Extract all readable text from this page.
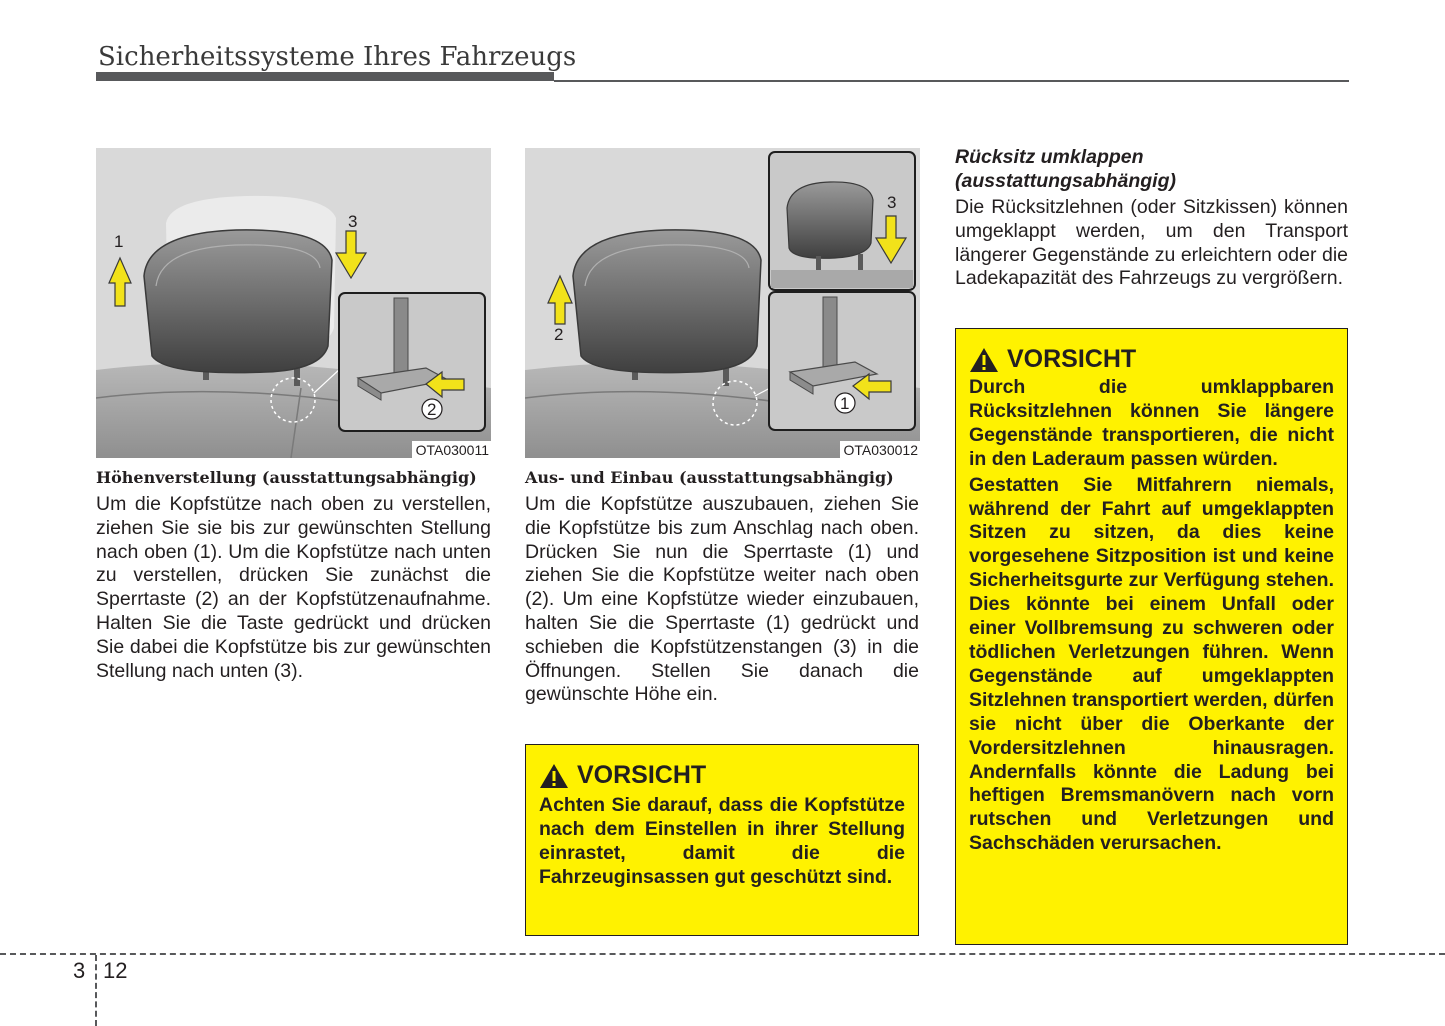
Sicherheitssysteme Ihres Fahrzeugs
1
3
2
OTA030011
2
3
1
OTA030012
Höhenverstellung (ausstattungsabhängig)
Um die Kopfstütze nach oben zu verstellen, ziehen Sie sie bis zur gewünschten Stellung nach oben (1). Um die Kopfstütze nach unten zu verstellen, drücken Sie zunächst die Sperrtaste (2) an der Kopfstützenaufnahme. Halten Sie die Taste gedrückt und drücken Sie dabei die Kopfstütze bis zur gewünschten Stellung nach unten (3).
Aus- und Einbau (ausstattungsabhängig)
Um die Kopfstütze auszubauen, ziehen Sie die Kopfstütze bis zum Anschlag nach oben. Drücken Sie nun die Sperrtaste (1) und ziehen Sie die Kopfstütze weiter nach oben (2). Um eine Kopfstütze wieder einzubauen, halten Sie die Sperrtaste (1) gedrückt und schieben die Kopfstützenstangen (3) in die Öffnungen. Stellen Sie danach die gewünschte Höhe ein.
VORSICHT

Achten Sie darauf, dass die Kopfstütze nach dem Einstellen in ihrer Stellung einrastet, damit die die Fahrzeuginsassen gut geschützt sind.

Rücksitz umklappen
(ausstattungsabhängig)
Die Rücksitzlehnen (oder Sitzkissen) können umgeklappt werden, um den Transport längerer Gegenstände zu erleichtern oder die Ladekapazität des Fahrzeugs zu vergrößern.
VORSICHT

Durch die umklappbaren Rücksitzlehnen können Sie längere Gegenstände transportieren, die nicht in den Laderaum passen würden.

Gestatten Sie Mitfahrern niemals, während der Fahrt auf umgeklappten Sitzen zu sitzen, da dies keine vorgesehene Sitzposition ist und keine Sicherheitsgurte zur Verfügung stehen. Dies könnte bei einem Unfall oder einer Vollbremsung zu schweren oder tödlichen Verletzungen führen. Wenn Gegenstände auf umgeklappten Sitzlehnen transportiert werden, dürfen sie nicht über die Oberkante der Vordersitzlehnen hinausragen. Andernfalls könnte die Ladung bei heftigen Bremsmanövern nach vorn rutschen und Verletzungen und Sachschäden verursachen.

3 12
